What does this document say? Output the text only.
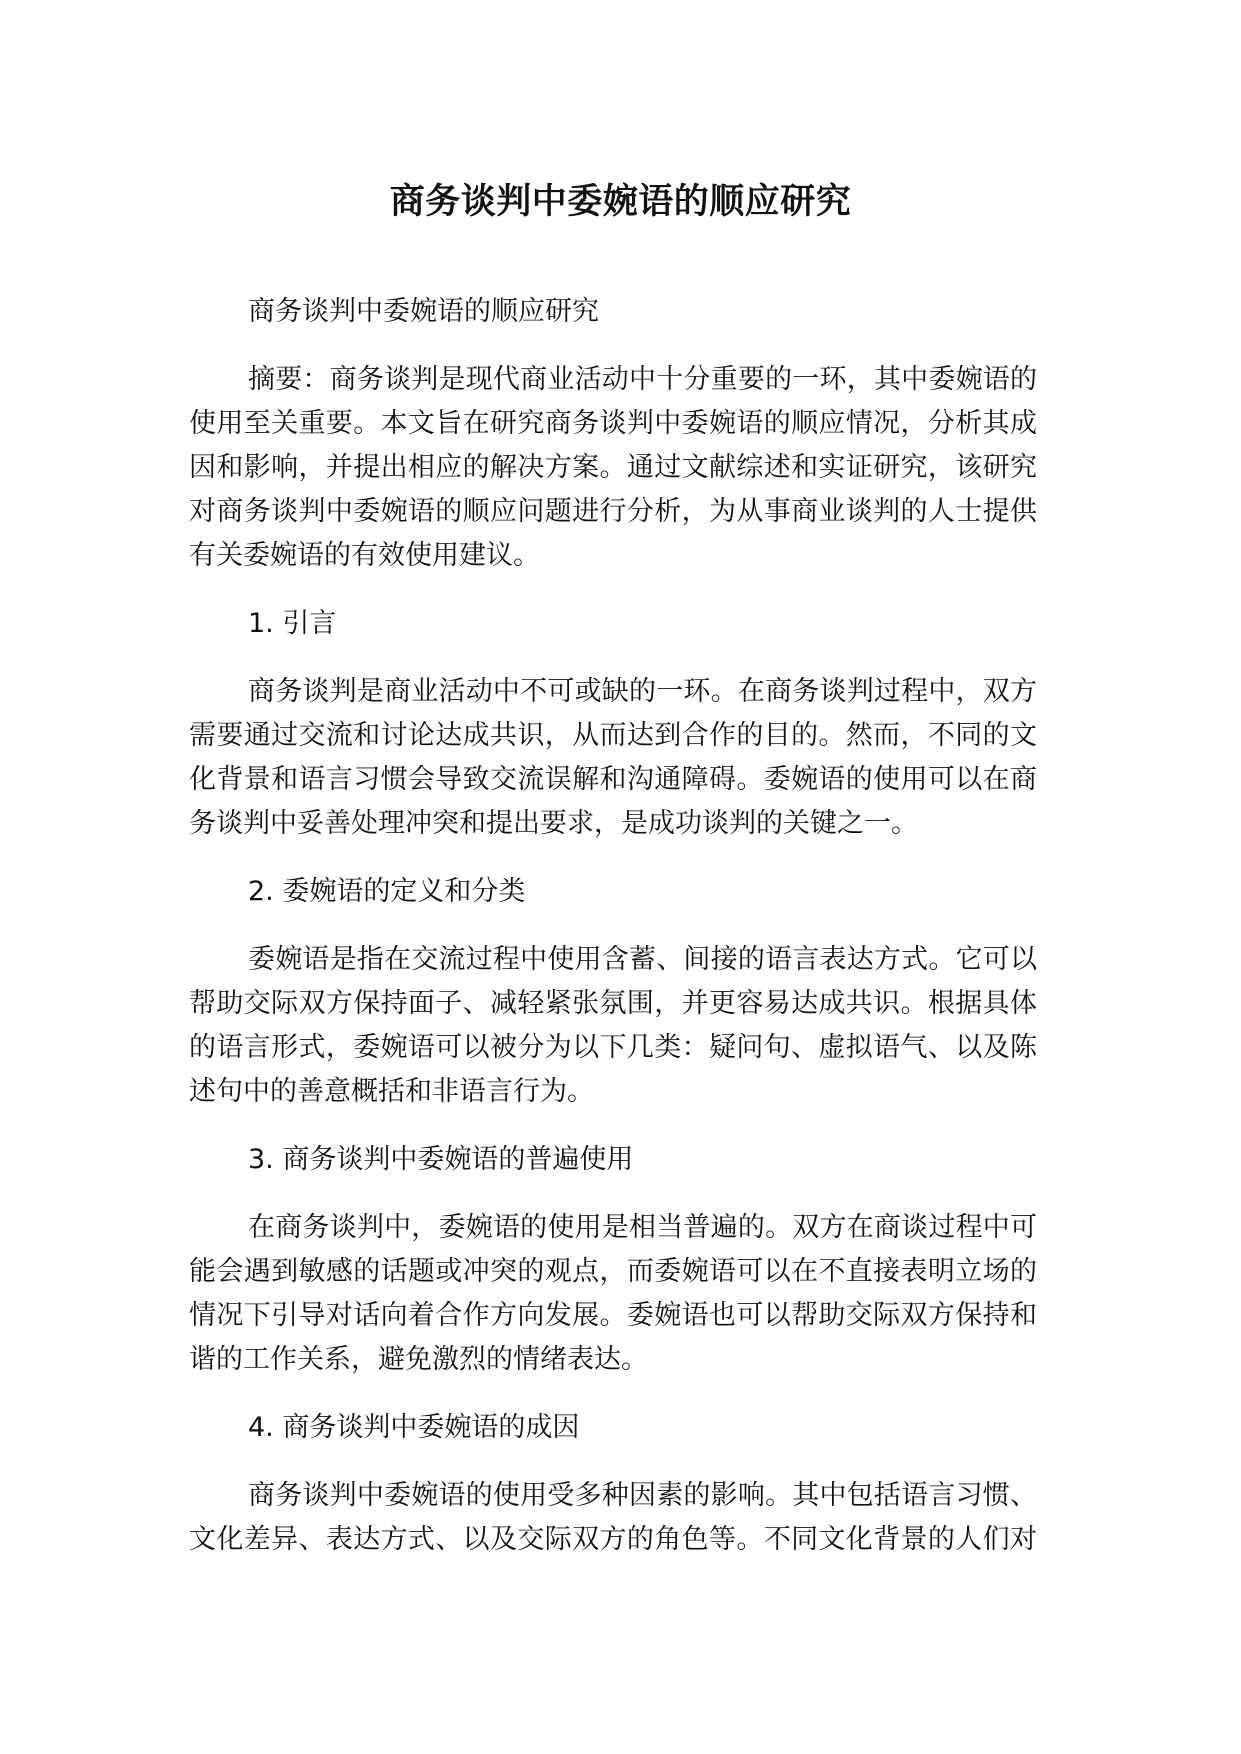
商务谈判中委婉语的顺应研究
商务谈判中委婉语的顺应研究
摘要：商务谈判是现代商业活动中十分重要的一环，其中委婉语的
使用至关重要。本文旨在研究商务谈判中委婉语的顺应情况，分析其成
因和影响，并提出相应的解决方案。通过文献综述和实证研究，该研究
对商务谈判中委婉语的顺应问题进行分析，为从事商业谈判的人士提供
有关委婉语的有效使用建议。
1. 引言
商务谈判是商业活动中不可或缺的一环。在商务谈判过程中，双方
需要通过交流和讨论达成共识，从而达到合作的目的。然而，不同的文
化背景和语言习惯会导致交流误解和沟通障碍。委婉语的使用可以在商
务谈判中妥善处理冲突和提出要求，是成功谈判的关键之一。
2. 委婉语的定义和分类
委婉语是指在交流过程中使用含蓄、间接的语言表达方式。它可以
帮助交际双方保持面子、减轻紧张氛围，并更容易达成共识。根据具体
的语言形式，委婉语可以被分为以下几类：疑问句、虚拟语气、以及陈
述句中的善意概括和非语言行为。
3. 商务谈判中委婉语的普遍使用
在商务谈判中，委婉语的使用是相当普遍的。双方在商谈过程中可
能会遇到敏感的话题或冲突的观点，而委婉语可以在不直接表明立场的
情况下引导对话向着合作方向发展。委婉语也可以帮助交际双方保持和
谐的工作关系，避免激烈的情绪表达。
4. 商务谈判中委婉语的成因
商务谈判中委婉语的使用受多种因素的影响。其中包括语言习惯、
文化差异、表达方式、以及交际双方的角色等。不同文化背景的人们对
